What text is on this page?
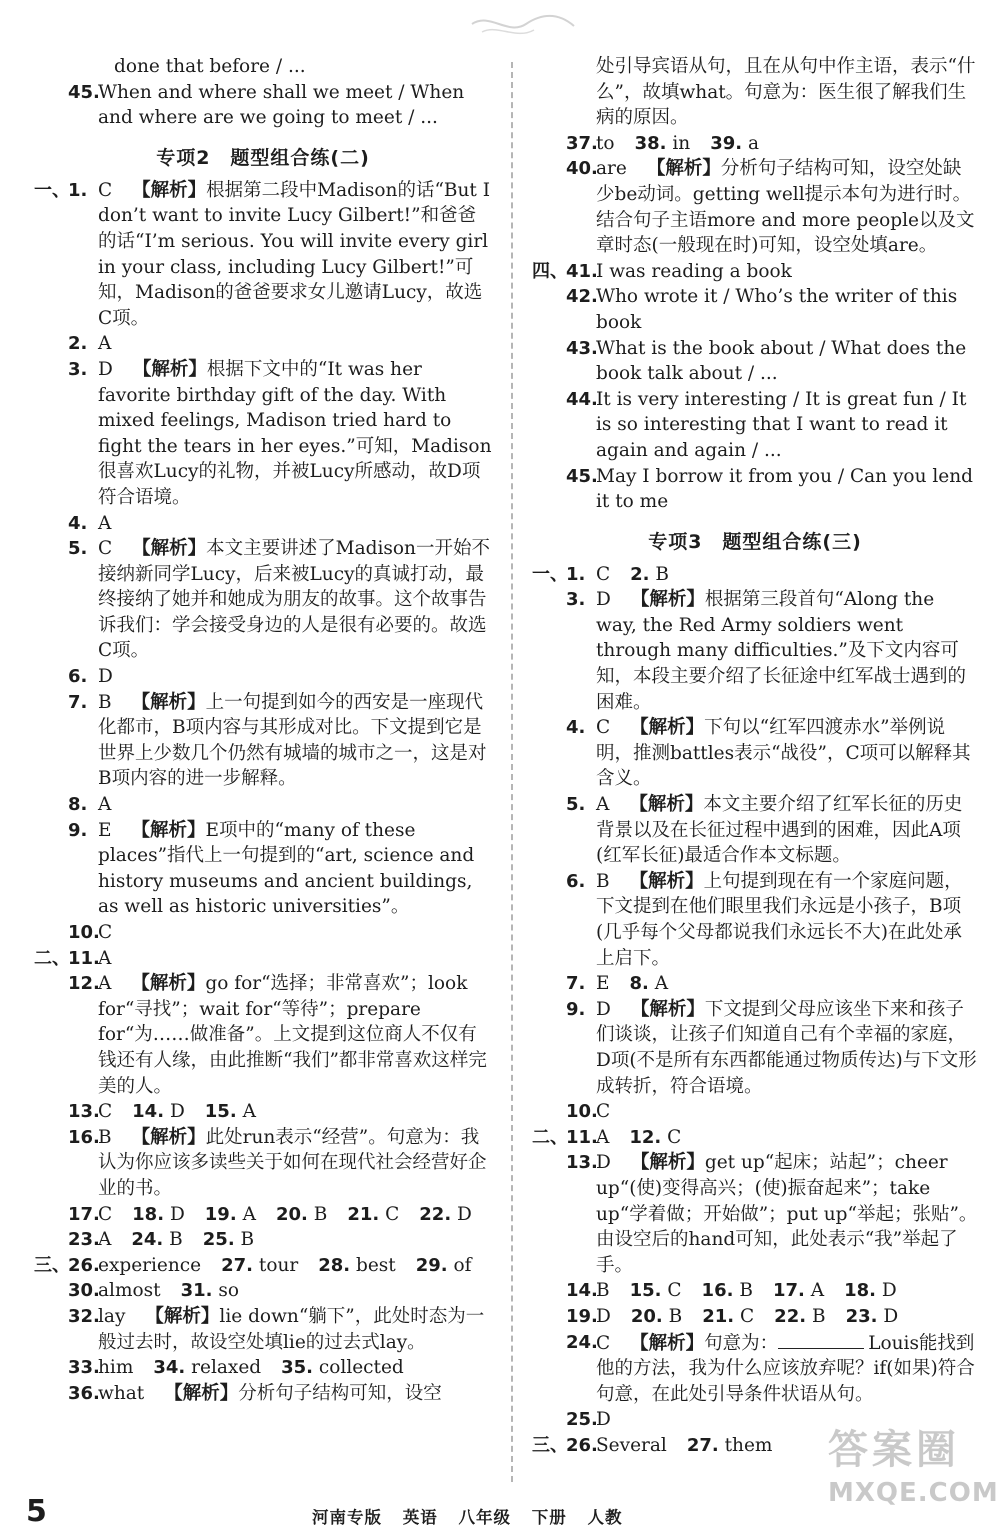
done that before / ...
45.
When and where shall we meet / When and where are we going to meet / ...
专项2　题型组合练(二)
一、
1. C 【解析】根据第二段中Madison的话“But I don’t want to invite Lucy Gilbert!”和爸爸的话“I’m serious. You will invite every girl in your class, including Lucy Gilbert!”可知，Madison的爸爸要求女儿邀请Lucy，故选C项。
2. A
3. D 【解析】根据下文中的“It was her favorite birthday gift of the day. With mixed feelings, Madison tried hard to fight the tears in her eyes.”可知，Madison很喜欢Lucy的礼物，并被Lucy所感动，故D项符合语境。
4. A
5. C 【解析】本文主要讲述了Madison一开始不接纳新同学Lucy，后来被Lucy的真诚打动，最终接纳了她并和她成为朋友的故事。这个故事告诉我们：学会接受身边的人是很有必要的。故选C项。
6. D
7. B 【解析】上一句提到如今的西安是一座现代化都市，B项内容与其形成对比。下文提到它是世界上少数几个仍然有城墙的城市之一，这是对B项内容的进一步解释。
8. A
9. E 【解析】E项中的“many of these places”指代上一句提到的“art, science and history museums and ancient buildings, as well as historic universities”。
10.
C
二、
11.
A
12.
A 【解析】go for“选择；非常喜欢”；look for“寻找”；wait for“等待”；prepare for“为……做准备”。上文提到这位商人不仅有钱还有人缘，由此推断“我们”都非常喜欢这样完美的人。
13.
C 14. D 15. A
16.
B 【解析】此处run表示“经营”。句意为：我认为你应该多读些关于如何在现代社会经营好企业的书。
17.
C 18. D 19. A 20. B 21. C 22. D
23.
A 24. B 25. B
三、
26.
experience 27. tour 28. best 29. of
30.
almost 31. so
32.
lay 【解析】lie down“躺下”，此处时态为一般过去时，故设空处填lie的过去式lay。
33.
him 34. relaxed 35. collected
36.
what 【解析】分析句子结构可知，设空
处引导宾语从句，且在从句中作主语，表示“什么”，故填what。句意为：医生很了解我们生病的原因。
37.
to 38. in 39. a
40.
are 【解析】分析句子结构可知，设空处缺少be动词。getting well提示本句为进行时。结合句子主语more and more people以及文章时态(一般现在时)可知，设空处填are。
四、
41.
I was reading a book
42.
Who wrote it / Who’s the writer of this book
43.
What is the book about / What does the book talk about / ...
44.
It is very interesting / It is great fun / It is so interesting that I want to read it again and again / ...
45.
May I borrow it from you / Can you lend it to me
专项3　题型组合练(三)
一、
1. C 2. B
3. D 【解析】根据第三段首句“Along the way, the Red Army soldiers went through many difficulties.”及下文内容可知，本段主要介绍了长征途中红军战士遇到的困难。
4. C 【解析】下句以“红军四渡赤水”举例说明，推测battles表示“战役”，C项可以解释其含义。
5. A 【解析】本文主要介绍了红军长征的历史背景以及在长征过程中遇到的困难，因此A项(红军长征)最适合作本文标题。
6. B 【解析】上句提到现在有一个家庭问题，下文提到在他们眼里我们永远是小孩子，B项(几乎每个父母都说我们永远长不大)在此处承上启下。
7. E 8. A
9. D 【解析】下文提到父母应该坐下来和孩子们谈谈，让孩子们知道自己有个幸福的家庭，D项(不是所有东西都能通过物质传达)与下文形成转折，符合语境。
10.
C
二、
11.
A 12. C
13.
D 【解析】get up“起床；站起”；cheer up“(使)变得高兴；(使)振奋起来”；take up“学着做；开始做”；put up“举起；张贴”。由设空后的hand可知，此处表示“我”举起了手。
14.
B 15. C 16. B 17. A 18. D
19.
D 20. B 21. C 22. B 23. D
24.
C 【解析】句意为：	Louis能找到他的方法，我为什么应该放弃呢？if(如果)符合句意，在此处引导条件状语从句。
25.
D
三、
26.
Several 27. them	答案圈
MXQE.COM
5	河南专版 英语 八年级 下册 人教
